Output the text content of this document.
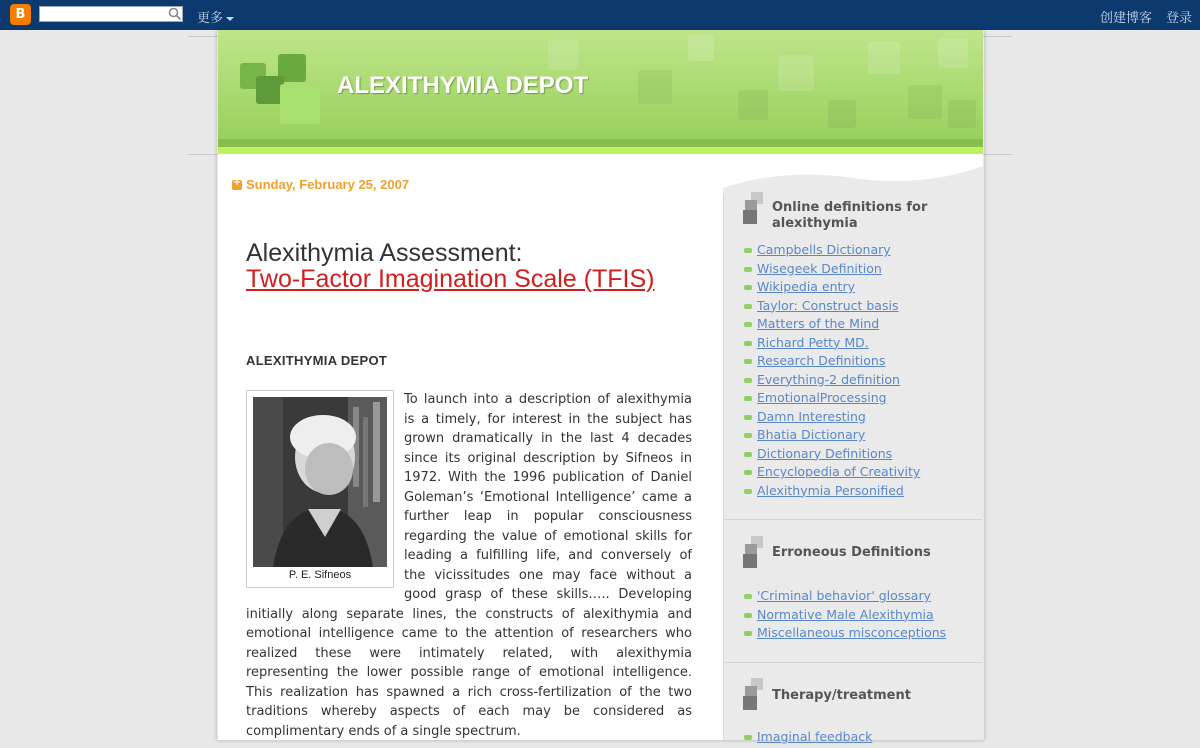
B	更多	创建博客 登录
ALEXITHYMIA DEPOT
+
Sunday, February 25, 2007
Alexithymia Assessment:
Two-Factor Imagination Scale (TFIS)
ALEXITHYMIA DEPOT
To launch into a description of alexithymia is a timely, for interest in the subject has grown dramatically in the last 4 decades since its original description by Sifneos in 1972. With the 1996 publication of Daniel Goleman’s ‘Emotional Intelligence’ came a further leap in popular consciousness regarding the value of emotional skills for leading a fulfilling life, and conversely of the vicissitudes one may face without a good grasp of these skills….. Developing initially along separate lines, the constructs of alexithymia and emotional intelligence came to the attention of researchers who realized these were intimately related, with alexithymia representing the lower possible range of emotional intelligence. This realization has spawned a rich cross-fertilization of the two traditions whereby aspects of each may be considered as complimentary ends of a single spectrum.
P. E. Sifneos
Online definitions for alexithymia
Campbells Dictionary
Wisegeek Definition
Wikipedia entry
Taylor: Construct basis
Matters of the Mind
Richard Petty MD.
Research Definitions
Everything-2 definition
EmotionalProcessing
Damn Interesting
Bhatia Dictionary
Dictionary Definitions
Encyclopedia of Creativity
Alexithymia Personified
Erroneous Definitions
'Criminal behavior' glossary
Normative Male Alexithymia
Miscellaneous misconceptions
Therapy/treatment
Imaginal feedback
